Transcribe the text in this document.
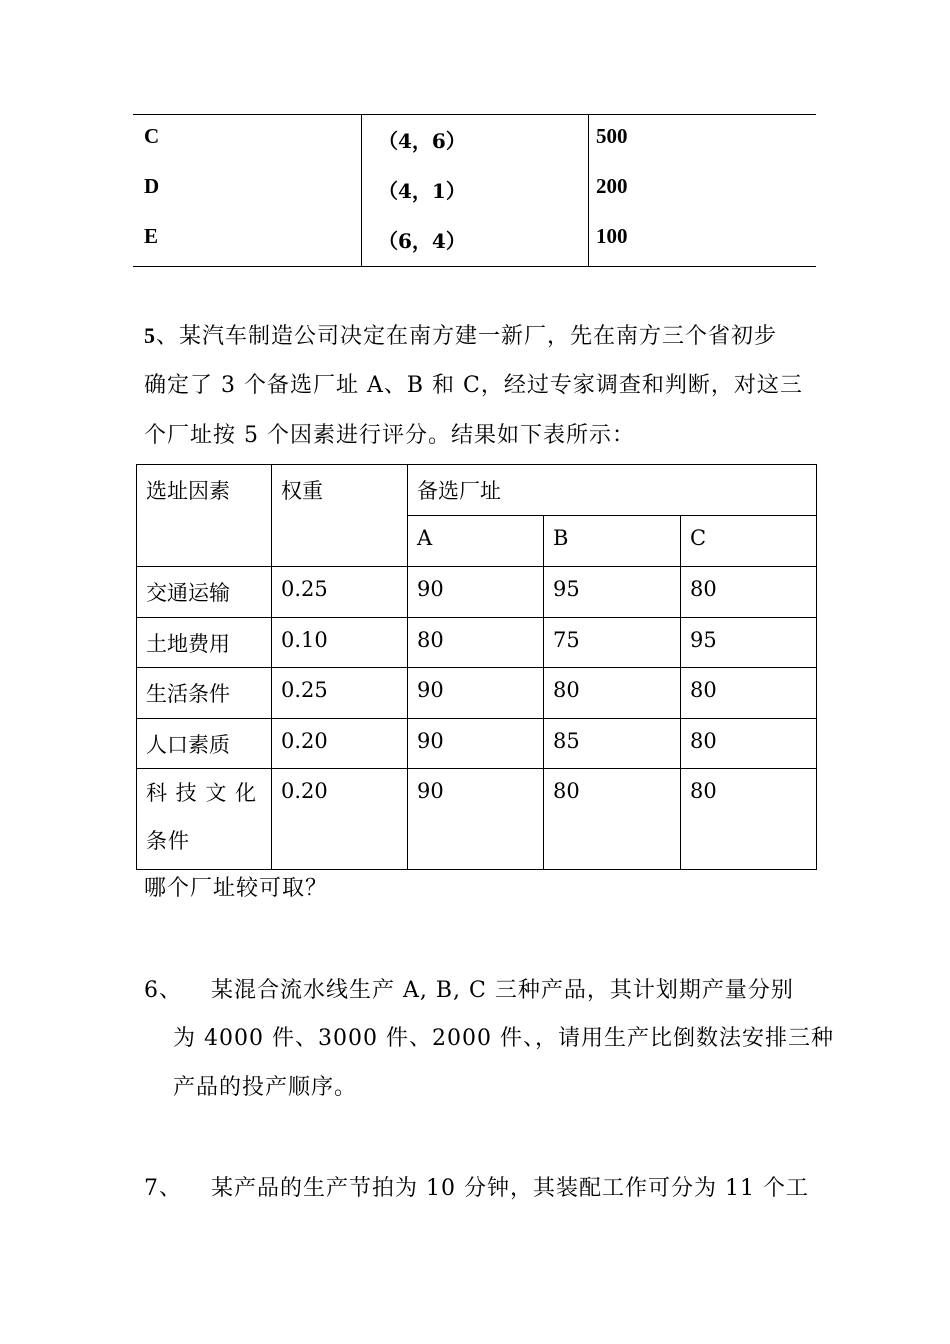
C	（4，6）	500
D	（4，1）	200
E	（6，4）	100
5、某汽车制造公司决定在南方建一新厂，先在南方三个省初步
确定了 3 个备选厂址 A、B 和 C，经过专家调查和判断，对这三
个厂址按 5 个因素进行评分。结果如下表所示：
选址因素	权重	备选厂址		
		A	B	C
交通运输	0.25	90	95	80
土地费用	0.10	80	75	95
生活条件	0.25	90	80	80
人口素质	0.20	90	85	80

科 技 文 化
条件	0.20	90	80	80
哪个厂址较可取？
6、 某混合流水线生产 A, B, C 三种产品，其计划期产量分别
为 4000 件、3000 件、2000 件、，请用生产比倒数法安排三种
产品的投产顺序。
7、 某产品的生产节拍为 10 分钟，其装配工作可分为 11 个工
